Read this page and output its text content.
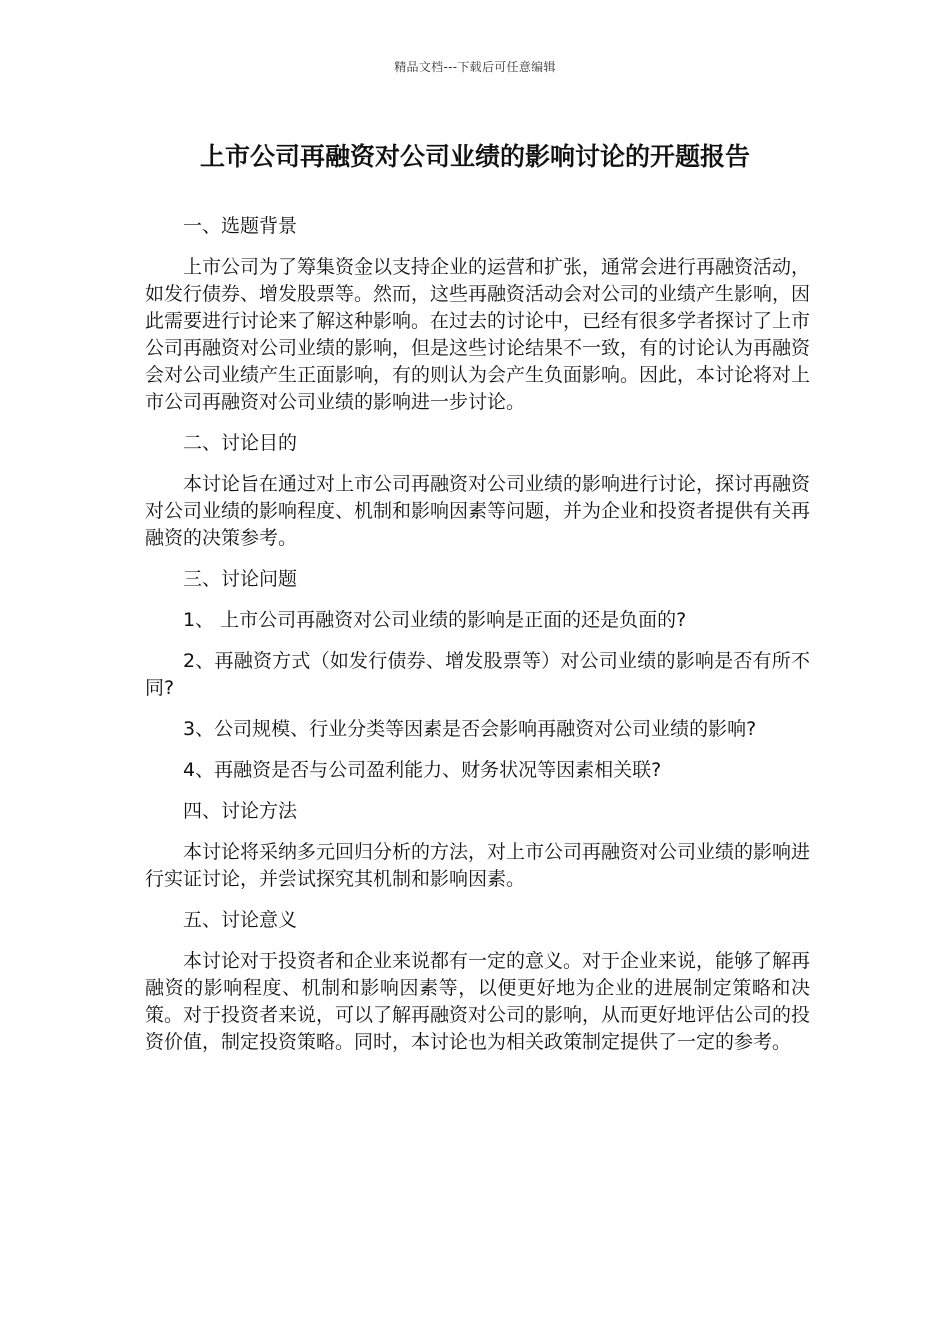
精品文档---下载后可任意编辑
上市公司再融资对公司业绩的影响讨论的开题报告

一、选题背景

上市公司为了筹集资金以支持企业的运营和扩张，通常会进行再融资活动，如发行债券、增发股票等。然而，这些再融资活动会对公司的业绩产生影响，因此需要进行讨论来了解这种影响。在过去的讨论中，已经有很多学者探讨了上市公司再融资对公司业绩的影响，但是这些讨论结果不一致，有的讨论认为再融资会对公司业绩产生正面影响，有的则认为会产生负面影响。因此，本讨论将对上市公司再融资对公司业绩的影响进一步讨论。

二、讨论目的

本讨论旨在通过对上市公司再融资对公司业绩的影响进行讨论，探讨再融资对公司业绩的影响程度、机制和影响因素等问题，并为企业和投资者提供有关再融资的决策参考。

三、讨论问题

1、 上市公司再融资对公司业绩的影响是正面的还是负面的?

2、再融资方式（如发行债券、增发股票等）对公司业绩的影响是否有所不同?

3、公司规模、行业分类等因素是否会影响再融资对公司业绩的影响?

4、再融资是否与公司盈利能力、财务状况等因素相关联?

四、讨论方法

本讨论将采纳多元回归分析的方法，对上市公司再融资对公司业绩的影响进行实证讨论，并尝试探究其机制和影响因素。

五、讨论意义

本讨论对于投资者和企业来说都有一定的意义。对于企业来说，能够了解再融资的影响程度、机制和影响因素等，以便更好地为企业的进展制定策略和决策。对于投资者来说，可以了解再融资对公司的影响，从而更好地评估公司的投资价值，制定投资策略。同时，本讨论也为相关政策制定提供了一定的参考。
